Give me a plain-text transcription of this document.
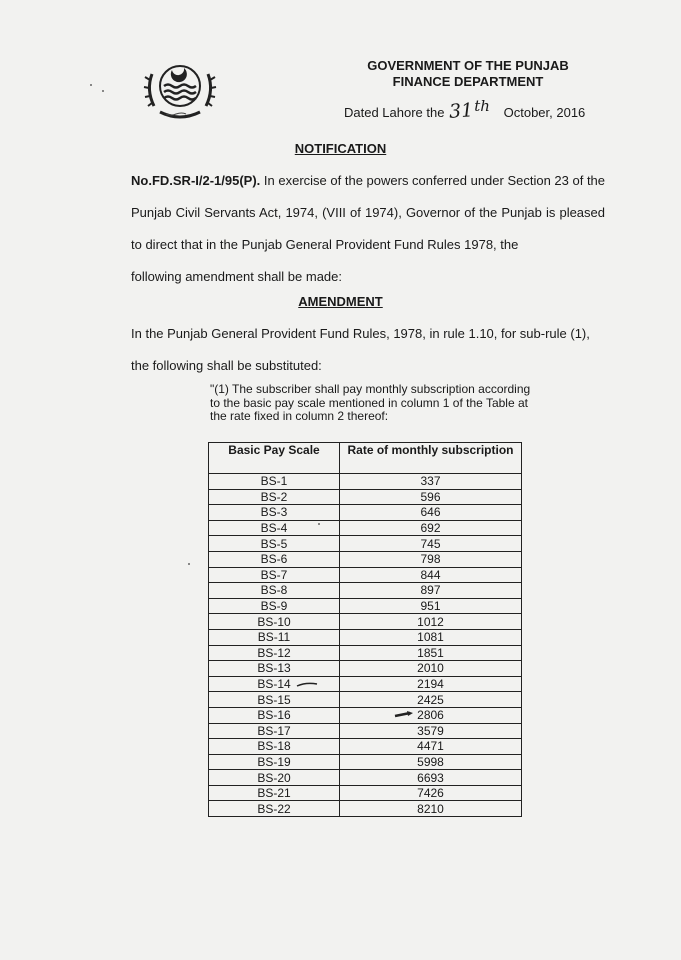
GOVERNMENT OF THE PUNJAB
FINANCE DEPARTMENT
Dated Lahore the 31th October, 2016
NOTIFICATION
No.FD.SR-I/2-1/95(P). In exercise of the powers conferred under Section 23 of the Punjab Civil Servants Act, 1974, (VIII of 1974), Governor of the Punjab is pleased to direct that in the Punjab General Provident Fund Rules 1978, the
following amendment shall be made:
AMENDMENT
In the Punjab General Provident Fund Rules, 1978, in rule 1.10, for sub-rule (1),
the following shall be substituted:
"(1) The subscriber shall pay monthly subscription according to the basic pay scale mentioned in column 1 of the Table at the rate fixed in column 2 thereof:
Basic Pay Scale	Rate of monthly subscription
BS-1	337
BS-2	596
BS-3	646
BS-4	692
BS-5	745
BS-6	798
BS-7	844
BS-8	897
BS-9	951
BS-10	1012
BS-11	1081
BS-12	1851
BS-13	2010
BS-14	2194
BS-15	2425
BS-16	2806
BS-17	3579
BS-18	4471
BS-19	5998
BS-20	6693
BS-21	7426
BS-22	8210
